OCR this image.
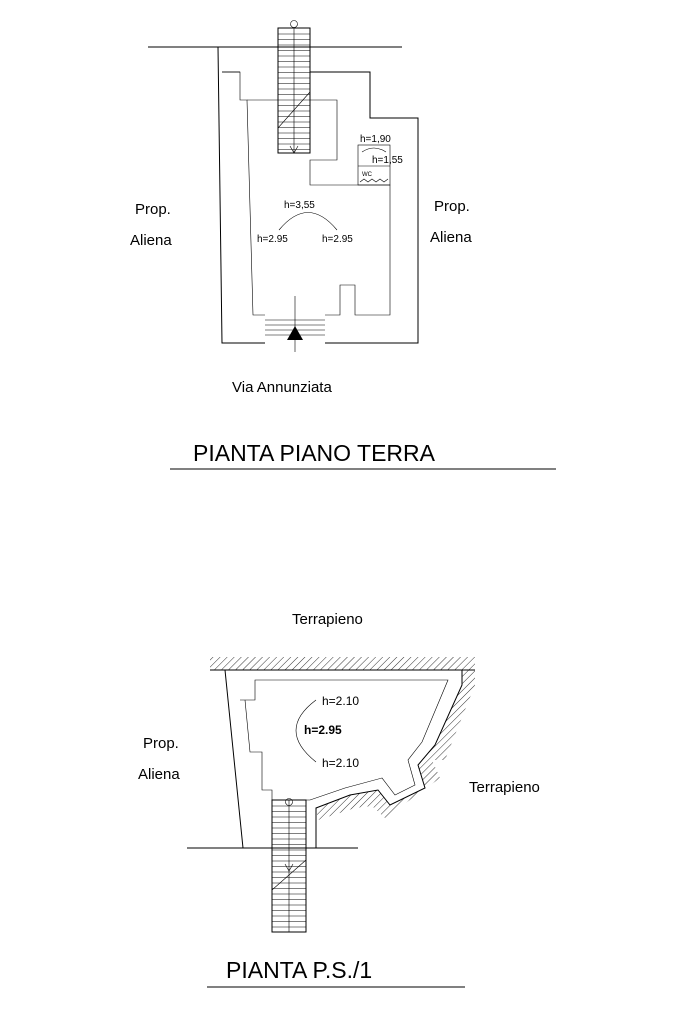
WC
h=3,55
h=2.95	h=2.95
h=1,90
h=1,55
Prop.
Aliena
Prop.
Aliena
Via Annunziata
PIANTA PIANO TERRA
Terrapieno
Terrapieno
Prop.
Aliena
h=2.10
h=2.95
h=2.10
PIANTA P.S./1
